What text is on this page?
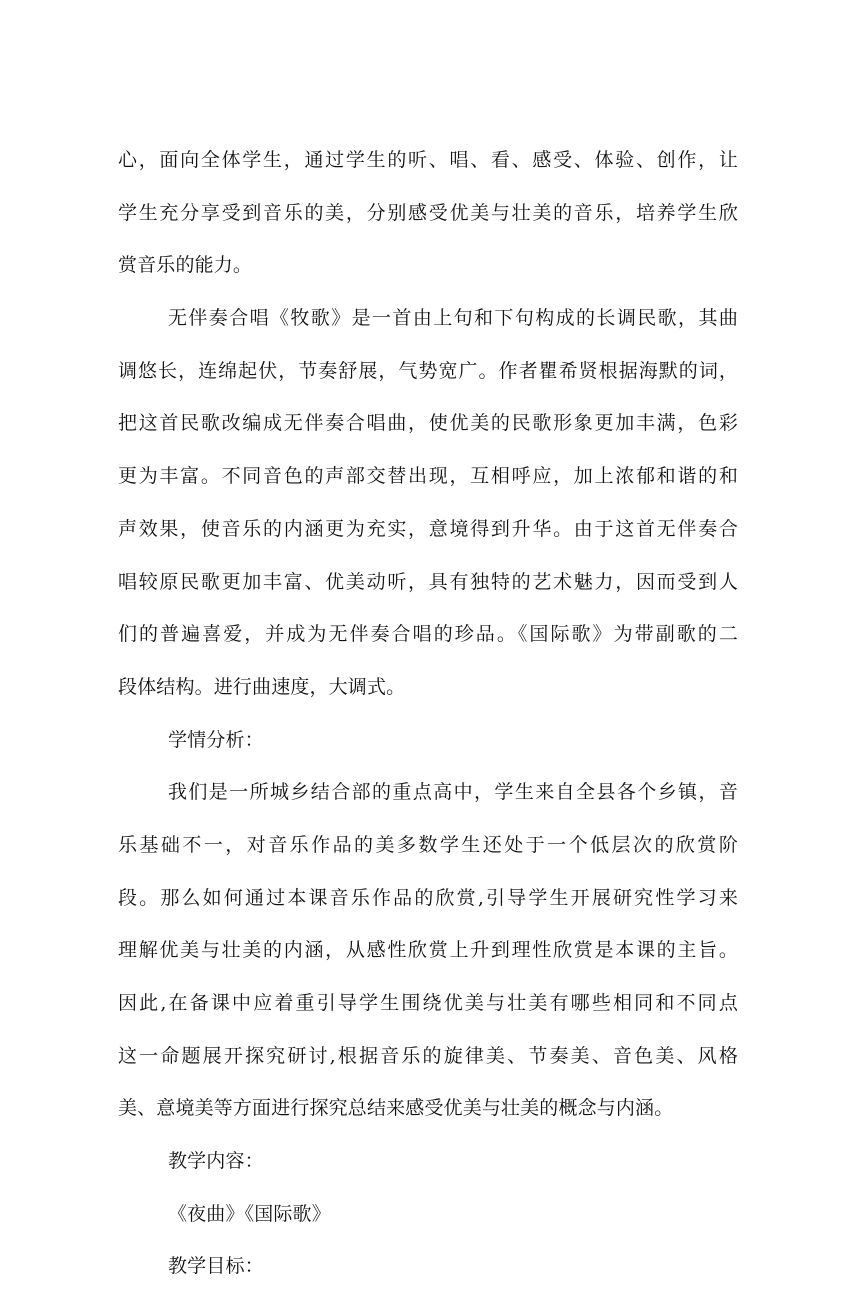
心，面向全体学生，通过学生的听、唱、看、感受、体验、创作，让
学生充分享受到音乐的美，分别感受优美与壮美的音乐，培养学生欣
赏音乐的能力。
无伴奏合唱《牧歌》是一首由上句和下句构成的长调民歌，其曲
调悠长，连绵起伏，节奏舒展，气势宽广。作者瞿希贤根据海默的词，
把这首民歌改编成无伴奏合唱曲，使优美的民歌形象更加丰满，色彩
更为丰富。不同音色的声部交替出现，互相呼应，加上浓郁和谐的和
声效果，使音乐的内涵更为充实，意境得到升华。由于这首无伴奏合
唱较原民歌更加丰富、优美动听，具有独特的艺术魅力，因而受到人
们的普遍喜爱，并成为无伴奏合唱的珍品。《国际歌》为带副歌的二
段体结构。进行曲速度，大调式。
学情分析：
我们是一所城乡结合部的重点高中，学生来自全县各个乡镇，音
乐基础不一，对音乐作品的美多数学生还处于一个低层次的欣赏阶
段。那么如何通过本课音乐作品的欣赏,引导学生开展研究性学习来
理解优美与壮美的内涵，从感性欣赏上升到理性欣赏是本课的主旨。
因此,在备课中应着重引导学生围绕优美与壮美有哪些相同和不同点
这一命题展开探究研讨,根据音乐的旋律美、节奏美、音色美、风格
美、意境美等方面进行探究总结来感受优美与壮美的概念与内涵。
教学内容：
《夜曲》《国际歌》
教学目标：
